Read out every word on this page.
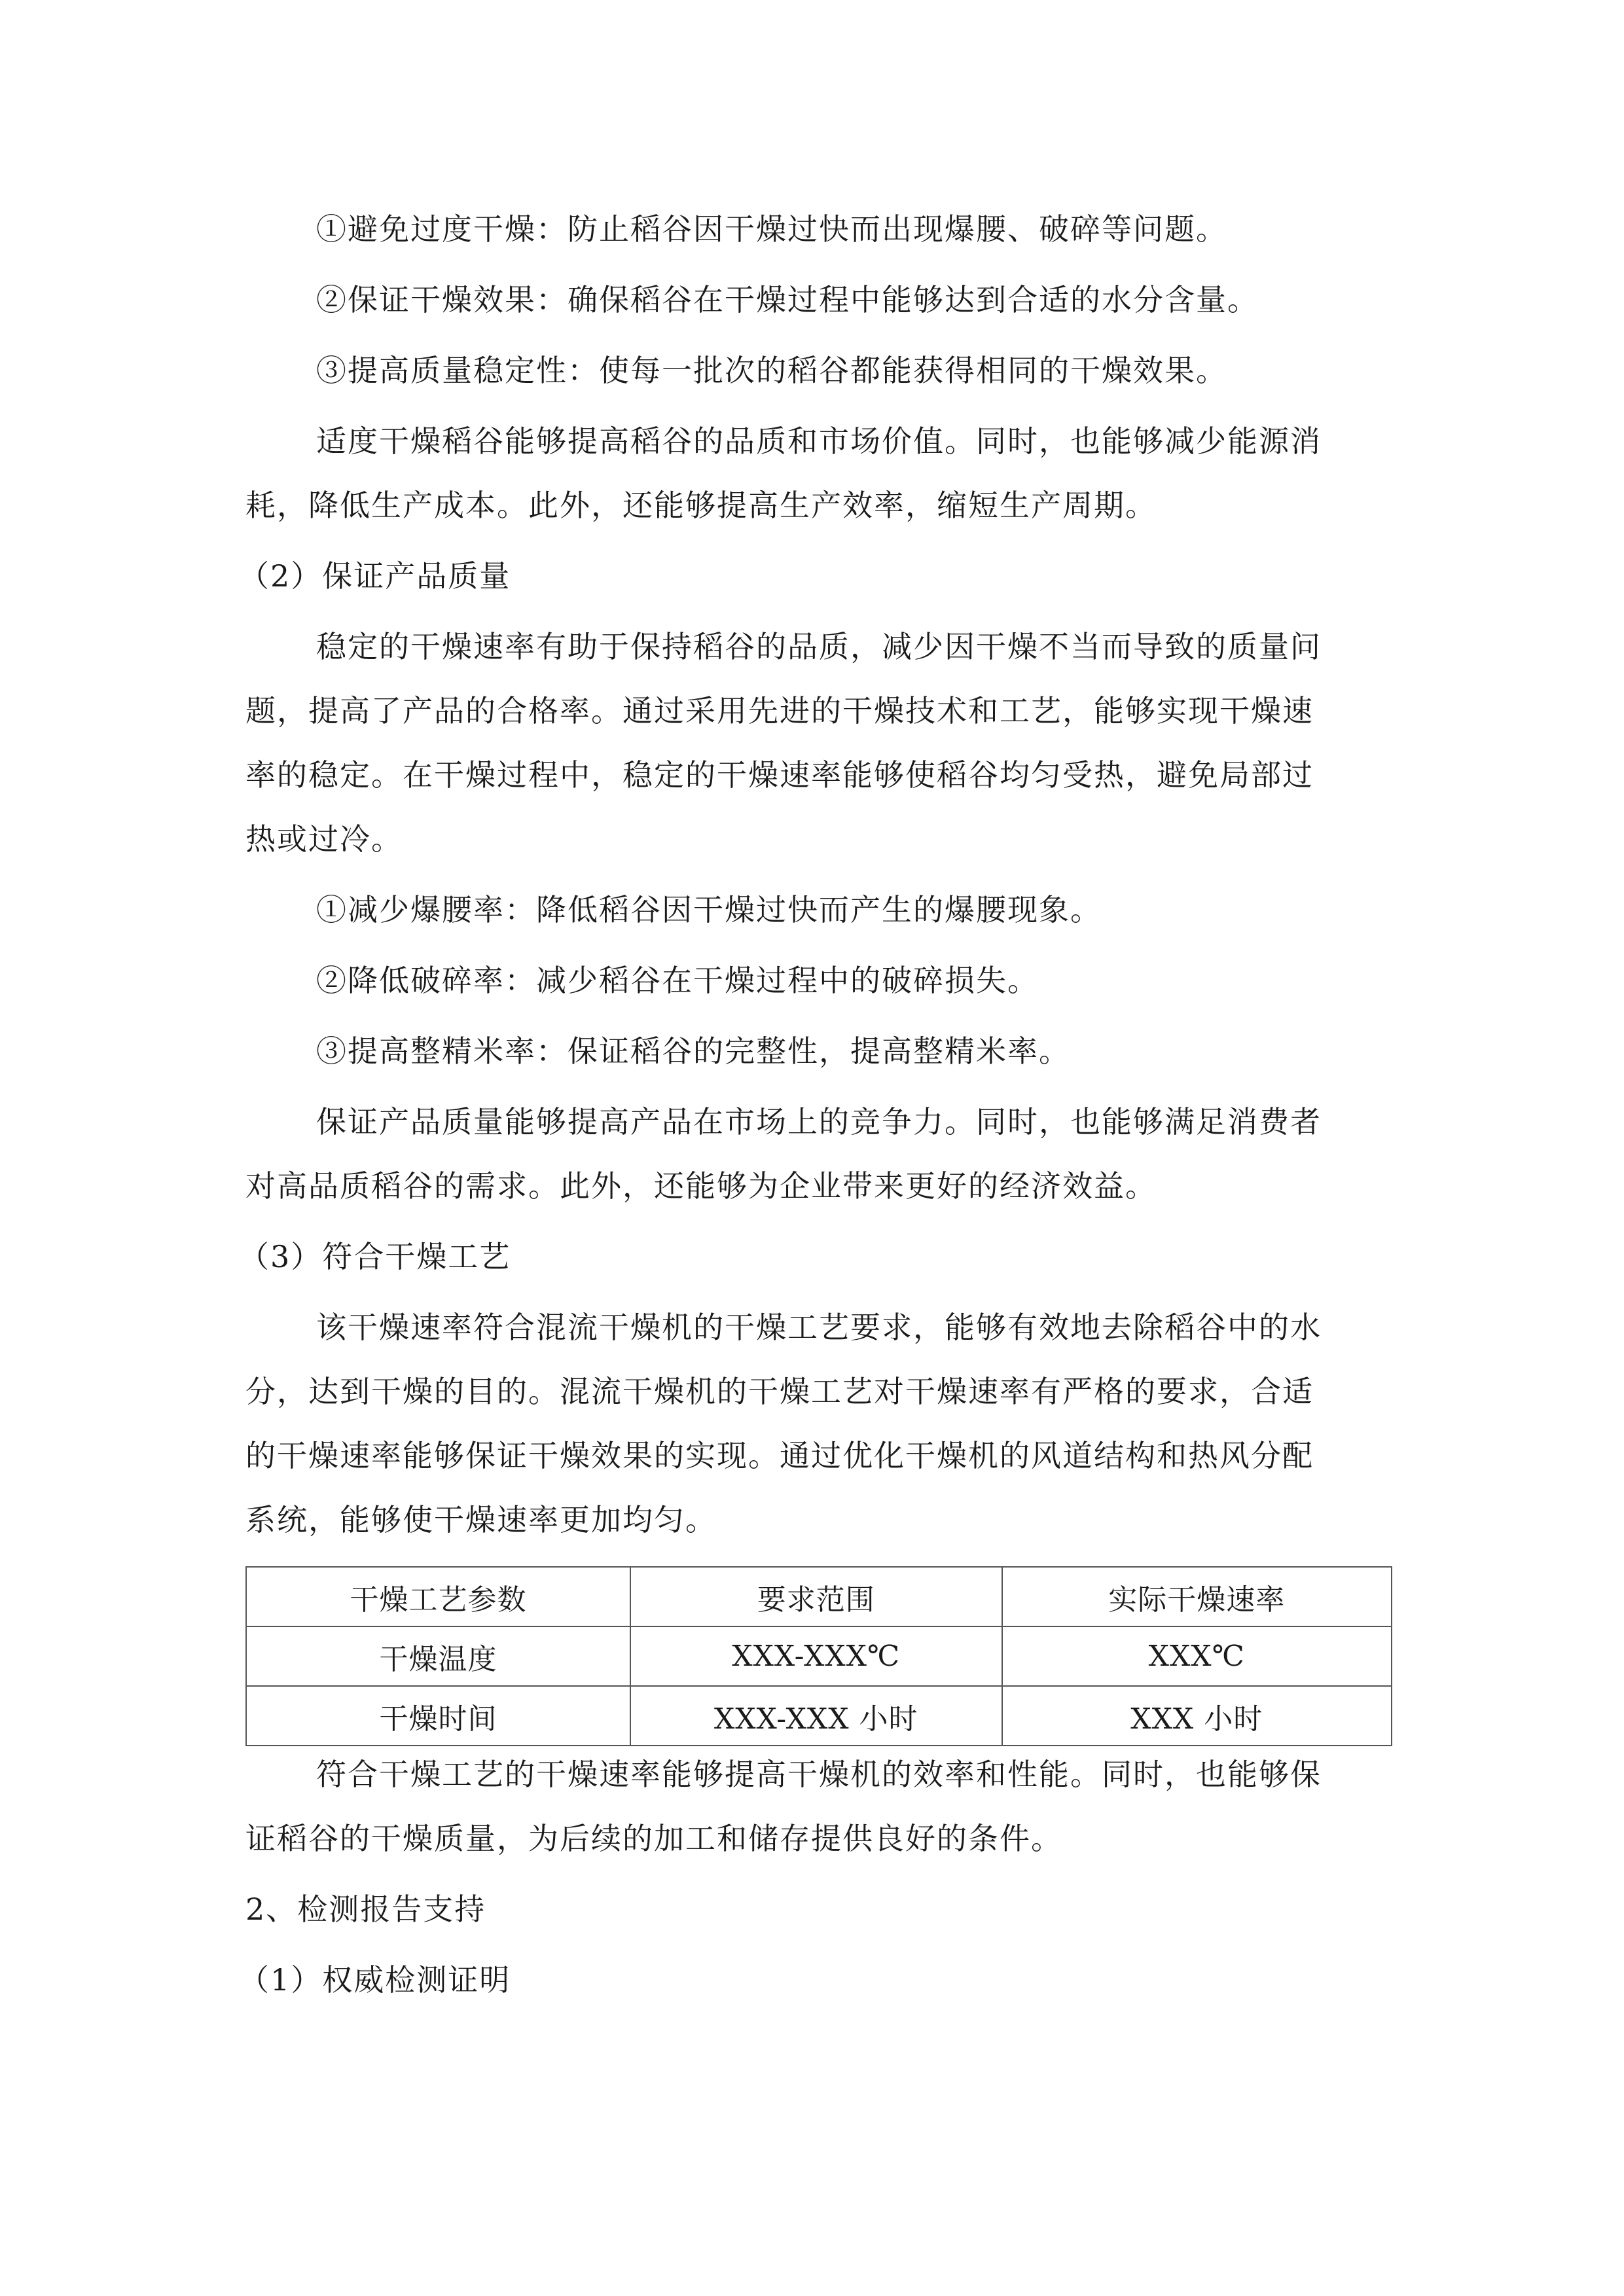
①避免过度干燥：防止稻谷因干燥过快而出现爆腰、破碎等问题。
②保证干燥效果：确保稻谷在干燥过程中能够达到合适的水分含量。
③提高质量稳定性：使每一批次的稻谷都能获得相同的干燥效果。
适度干燥稻谷能够提高稻谷的品质和市场价值。同时，也能够减少能源消
耗，降低生产成本。此外，还能够提高生产效率，缩短生产周期。
（2）保证产品质量
稳定的干燥速率有助于保持稻谷的品质，减少因干燥不当而导致的质量问
题，提高了产品的合格率。通过采用先进的干燥技术和工艺，能够实现干燥速
率的稳定。在干燥过程中，稳定的干燥速率能够使稻谷均匀受热，避免局部过
热或过冷。
①减少爆腰率：降低稻谷因干燥过快而产生的爆腰现象。
②降低破碎率：减少稻谷在干燥过程中的破碎损失。
③提高整精米率：保证稻谷的完整性，提高整精米率。
保证产品质量能够提高产品在市场上的竞争力。同时，也能够满足消费者
对高品质稻谷的需求。此外，还能够为企业带来更好的经济效益。
（3）符合干燥工艺
该干燥速率符合混流干燥机的干燥工艺要求，能够有效地去除稻谷中的水
分，达到干燥的目的。混流干燥机的干燥工艺对干燥速率有严格的要求，合适
的干燥速率能够保证干燥效果的实现。通过优化干燥机的风道结构和热风分配
系统，能够使干燥速率更加均匀。
干燥工艺参数	要求范围	实际干燥速率
干燥温度	XXX-XXX℃	XXX℃
干燥时间	XXX-XXX 小时	XXX 小时
符合干燥工艺的干燥速率能够提高干燥机的效率和性能。同时，也能够保
证稻谷的干燥质量，为后续的加工和储存提供良好的条件。
2、检测报告支持
（1）权威检测证明
